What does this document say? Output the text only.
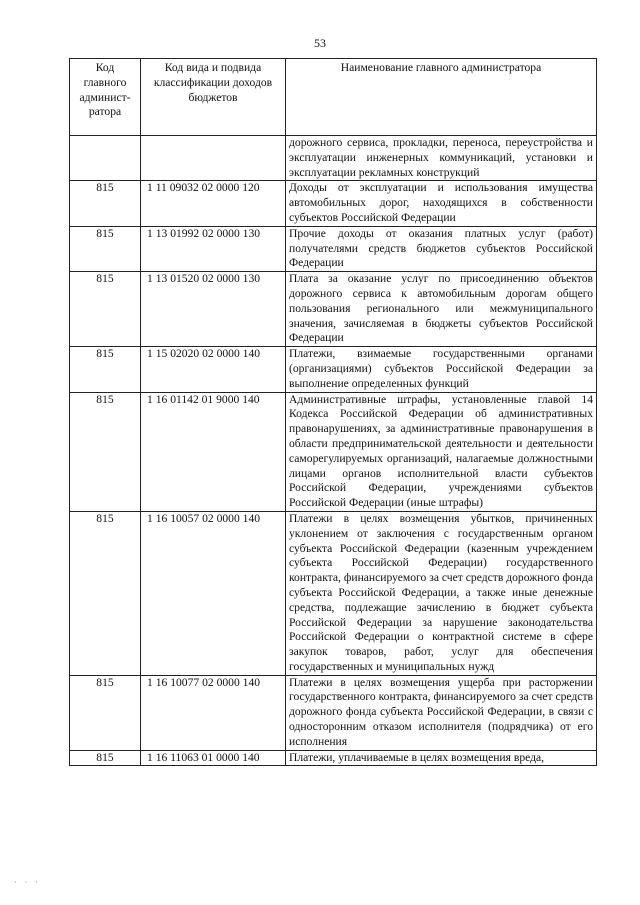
53
Код главного админист-ратора	Код вида и подвида классификации доходов бюджетов	Наименование главного администратора
		дорожного сервиса, прокладки, переноса, переустройства и эксплуатации инженерных коммуникаций, установки и эксплуатации рекламных конструкций
815	1 11 09032 02 0000 120	Доходы от эксплуатации и использования имущества автомобильных дорог, находящихся в собственности субъектов Российской Федерации
815	1 13 01992 02 0000 130	Прочие доходы от оказания платных услуг (работ) получателями средств бюджетов субъектов Российской Федерации
815	1 13 01520 02 0000 130	Плата за оказание услуг по присоединению объектов дорожного сервиса к автомобильным дорогам общего пользования регионального или межмуниципального значения, зачисляемая в бюджеты субъектов Российской Федерации
815	1 15 02020 02 0000 140	Платежи, взимаемые государственными органами (организациями) субъектов Российской Федерации за выполнение определенных функций
815	1 16 01142 01 9000 140	Административные штрафы, установленные главой 14 Кодекса Российской Федерации об административных правонарушениях, за административные правонарушения в области предпринимательской деятельности и деятельности саморегулируемых организаций, налагаемые должностными лицами органов исполнительной власти субъектов Российской Федерации, учреждениями субъектов Российской Федерации (иные штрафы)
815	1 16 10057 02 0000 140	Платежи в целях возмещения убытков, причиненных уклонением от заключения с государственным органом субъекта Российской Федерации (казенным учреждением субъекта Российской Федерации) государственного контракта, финансируемого за счет средств дорожного фонда субъекта Российской Федерации, а также иные денежные средства, подлежащие зачислению в бюджет субъекта Российской Федерации за нарушение законодательства Российской Федерации о контрактной системе в сфере закупок товаров, работ, услуг для обеспечения государственных и муниципальных нужд
815	1 16 10077 02 0000 140	Платежи в целях возмещения ущерба при расторжении государственного контракта, финансируемого за счет средств дорожного фонда субъекта Российской Федерации, в связи с односторонним отказом исполнителя (подрядчика) от его исполнения
815	1 16 11063 01 0000 140	Платежи, уплачиваемые в целях возмещения вреда,
· · ·
